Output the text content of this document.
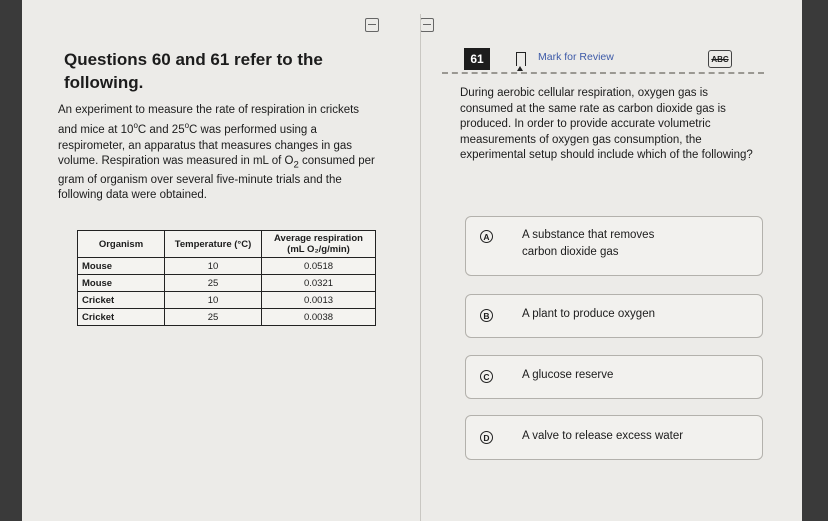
Questions 60 and 61 refer to the following.

An experiment to measure the rate of respiration in crickets and mice at 10$^o$C and 25$^o$C was performed using a respirometer, an apparatus that measures changes in gas volume. Respiration was measured in mL of $O_2$ consumed per gram of organism over several five-minute trials and the following data were obtained.

Organism	Temperature (°C)	Average respiration (mL O₂/g/min)
Mouse	10	0.0518
Mouse	25	0.0321
Cricket	10	0.0013
Cricket	25	0.0038
61	Mark for Review	ABC

During aerobic cellular respiration, oxygen gas is consumed at the same rate as carbon dioxide gas is produced. In order to provide accurate volumetric measurements of oxygen gas consumption, the experimental setup should include which of the following?

A	A substance that removes carbon dioxide gas
B	A plant to produce oxygen
C	A glucose reserve
D	A valve to release excess water
